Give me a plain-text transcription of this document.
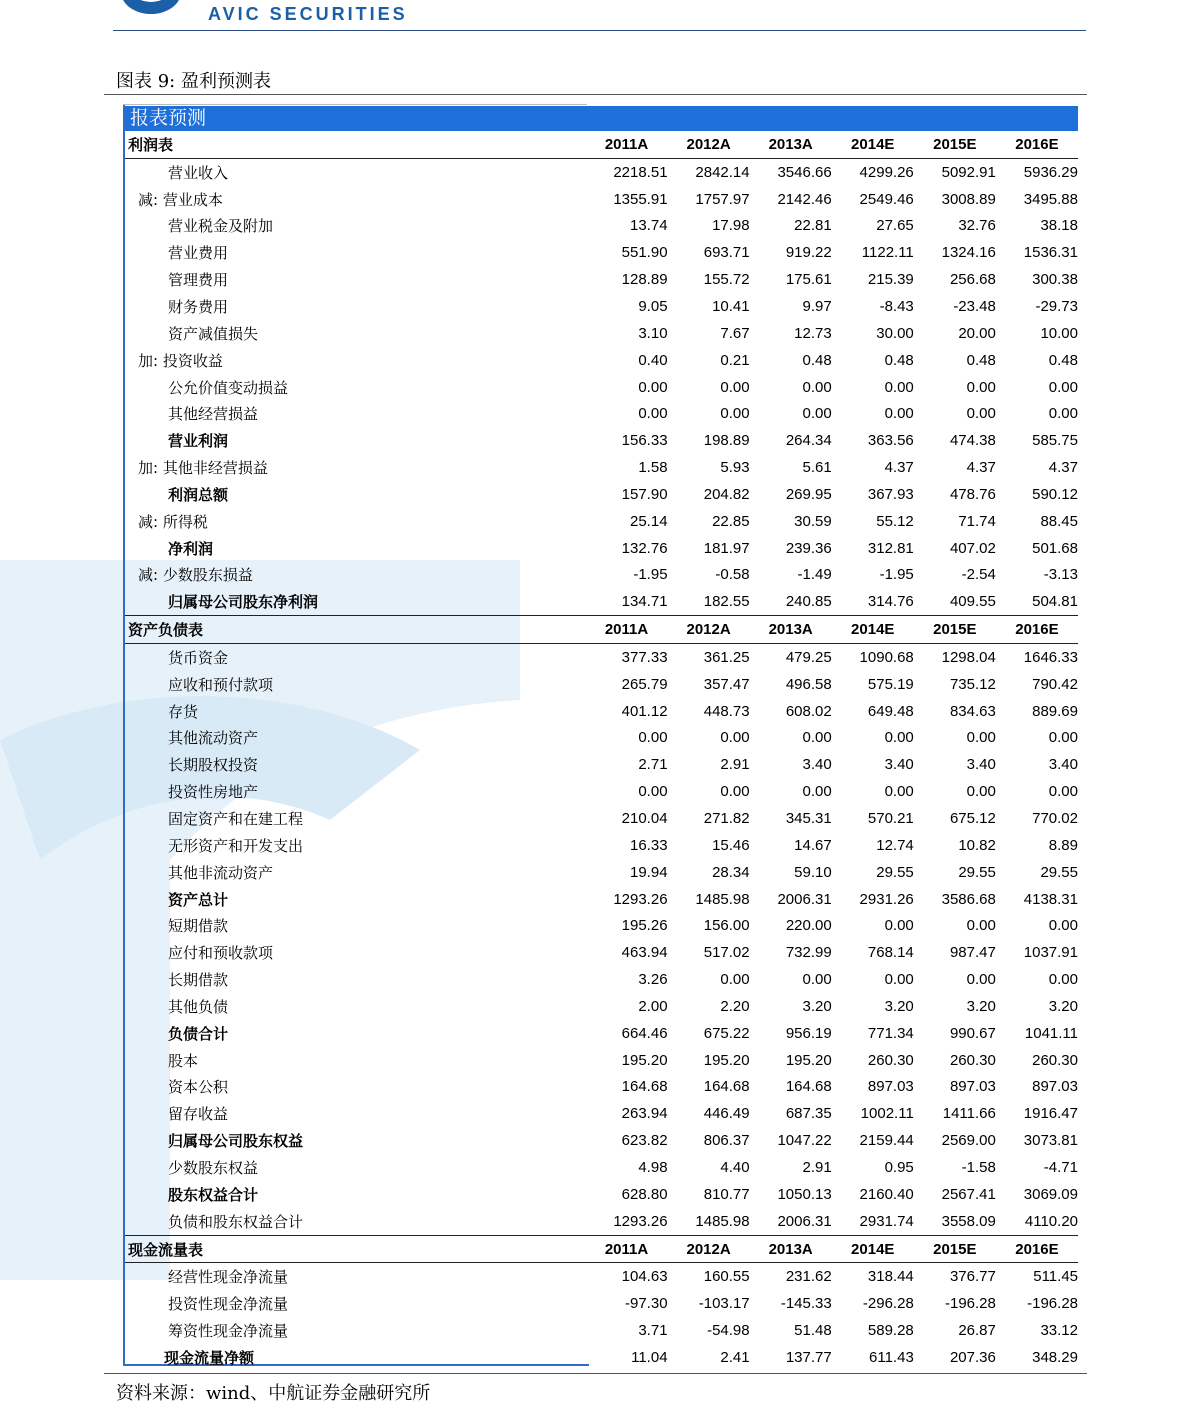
AVIC SECURITIES
图表 9: 盈利预测表
报表预测
利润表	2011A	2012A	2013A	2014E	2015E	2016E
营业收入	2218.51	2842.14	3546.66	4299.26	5092.91	5936.29
减: 营业成本	1355.91	1757.97	2142.46	2549.46	3008.89	3495.88
营业税金及附加	13.74	17.98	22.81	27.65	32.76	38.18
营业费用	551.90	693.71	919.22	1122.11	1324.16	1536.31
管理费用	128.89	155.72	175.61	215.39	256.68	300.38
财务费用	9.05	10.41	9.97	-8.43	-23.48	-29.73
资产减值损失	3.10	7.67	12.73	30.00	20.00	10.00
加: 投资收益	0.40	0.21	0.48	0.48	0.48	0.48
公允价值变动损益	0.00	0.00	0.00	0.00	0.00	0.00
其他经营损益	0.00	0.00	0.00	0.00	0.00	0.00
营业利润	156.33	198.89	264.34	363.56	474.38	585.75
加: 其他非经营损益	1.58	5.93	5.61	4.37	4.37	4.37
利润总额	157.90	204.82	269.95	367.93	478.76	590.12
减: 所得税	25.14	22.85	30.59	55.12	71.74	88.45
净利润	132.76	181.97	239.36	312.81	407.02	501.68
减: 少数股东损益	-1.95	-0.58	-1.49	-1.95	-2.54	-3.13
归属母公司股东净利润	134.71	182.55	240.85	314.76	409.55	504.81
资产负债表	2011A	2012A	2013A	2014E	2015E	2016E
货币资金	377.33	361.25	479.25	1090.68	1298.04	1646.33
应收和预付款项	265.79	357.47	496.58	575.19	735.12	790.42
存货	401.12	448.73	608.02	649.48	834.63	889.69
其他流动资产	0.00	0.00	0.00	0.00	0.00	0.00
长期股权投资	2.71	2.91	3.40	3.40	3.40	3.40
投资性房地产	0.00	0.00	0.00	0.00	0.00	0.00
固定资产和在建工程	210.04	271.82	345.31	570.21	675.12	770.02
无形资产和开发支出	16.33	15.46	14.67	12.74	10.82	8.89
其他非流动资产	19.94	28.34	59.10	29.55	29.55	29.55
资产总计	1293.26	1485.98	2006.31	2931.26	3586.68	4138.31
短期借款	195.26	156.00	220.00	0.00	0.00	0.00
应付和预收款项	463.94	517.02	732.99	768.14	987.47	1037.91
长期借款	3.26	0.00	0.00	0.00	0.00	0.00
其他负债	2.00	2.20	3.20	3.20	3.20	3.20
负债合计	664.46	675.22	956.19	771.34	990.67	1041.11
股本	195.20	195.20	195.20	260.30	260.30	260.30
资本公积	164.68	164.68	164.68	897.03	897.03	897.03
留存收益	263.94	446.49	687.35	1002.11	1411.66	1916.47
归属母公司股东权益	623.82	806.37	1047.22	2159.44	2569.00	3073.81
少数股东权益	4.98	4.40	2.91	0.95	-1.58	-4.71
股东权益合计	628.80	810.77	1050.13	2160.40	2567.41	3069.09
负债和股东权益合计	1293.26	1485.98	2006.31	2931.74	3558.09	4110.20
现金流量表	2011A	2012A	2013A	2014E	2015E	2016E
经营性现金净流量	104.63	160.55	231.62	318.44	376.77	511.45
投资性现金净流量	-97.30	-103.17	-145.33	-296.28	-196.28	-196.28
筹资性现金净流量	3.71	-54.98	51.48	589.28	26.87	33.12
现金流量净额	11.04	2.41	137.77	611.43	207.36	348.29
资料来源：wind、中航证券金融研究所
